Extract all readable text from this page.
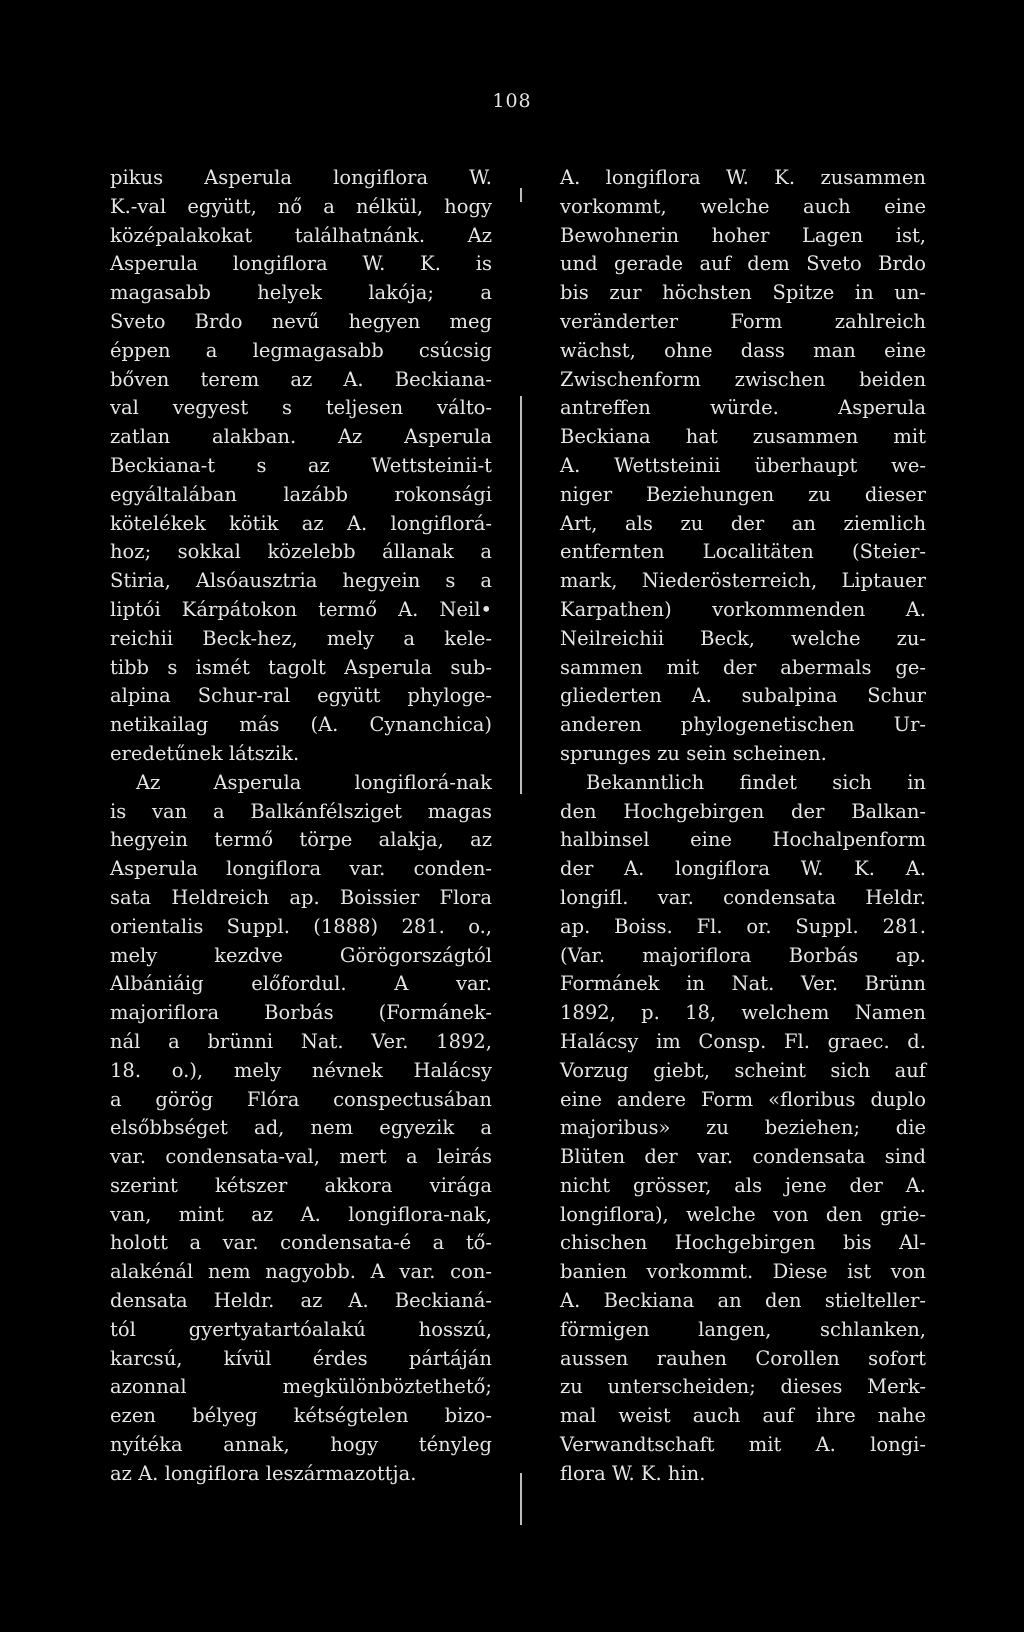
108
pikus Asperula longiflora W.
K.-val együtt, nő a nélkül, hogy
középalakokat találhatnánk. Az
Asperula longiflora W. K. is
magasabb helyek lakója; a
Sveto Brdo nevű hegyen meg
éppen a legmagasabb csúcsig
bőven terem az A. Beckiana-
val vegyest s teljesen válto-
zatlan alakban. Az Asperula
Beckiana-t s az Wettsteinii-t
egyáltalában lazább rokonsági
kötelékek kötik az A. longiflorá-
hoz; sokkal közelebb állanak a
Stiria, Alsóausztria hegyein s a
liptói Kárpátokon termő A. Neil•
reichii Beck-hez, mely a kele-
tibb s ismét tagolt Asperula sub-
alpina Schur-ral együtt phyloge-
netikailag más (A. Cynanchica)
eredetűnek látszik.
Az Asperula longiflorá-nak
is van a Balkánfélsziget magas
hegyein termő törpe alakja, az
Asperula longiflora var. conden-
sata Heldreich ap. Boissier Flora
orientalis Suppl. (1888) 281. o.,
mely kezdve Görögországtól
Albániáig előfordul. A var.
majoriflora Borbás (Formánek-
nál a brünni Nat. Ver. 1892,
18. o.), mely névnek Halácsy
a görög Flóra conspectusában
elsőbbséget ad, nem egyezik a
var. condensata-val, mert a leirás
szerint kétszer akkora virága
van, mint az A. longiflora-nak,
holott a var. condensata-é a tő-
alakénál nem nagyobb. A var. con-
densata Heldr. az A. Beckianá-
tól gyertyatartóalakú hosszú,
karcsú, kívül érdes pártáján
azonnal megkülönböztethető;
ezen bélyeg kétségtelen bizo-
nyítéka annak, hogy tényleg
az A. longiflora leszármazottja.
A. longiflora W. K. zusammen
vorkommt, welche auch eine
Bewohnerin hoher Lagen ist,
und gerade auf dem Sveto Brdo
bis zur höchsten Spitze in un-
veränderter Form zahlreich
wächst, ohne dass man eine
Zwischenform zwischen beiden
antreffen würde. Asperula
Beckiana hat zusammen mit
A. Wettsteinii überhaupt we-
niger Beziehungen zu dieser
Art, als zu der an ziemlich
entfernten Localitäten (Steier-
mark, Niederösterreich, Liptauer
Karpathen) vorkommenden A.
Neilreichii Beck, welche zu-
sammen mit der abermals ge-
gliederten A. subalpina Schur
anderen phylogenetischen Ur-
sprunges zu sein scheinen.
Bekanntlich findet sich in
den Hochgebirgen der Balkan-
halbinsel eine Hochalpenform
der A. longiflora W. K. A.
longifl. var. condensata Heldr.
ap. Boiss. Fl. or. Suppl. 281.
(Var. majoriflora Borbás ap.
Formánek in Nat. Ver. Brünn
1892, p. 18, welchem Namen
Halácsy im Consp. Fl. graec. d.
Vorzug giebt, scheint sich auf
eine andere Form «floribus duplo
majoribus» zu beziehen; die
Blüten der var. condensata sind
nicht grösser, als jene der A.
longiflora), welche von den grie-
chischen Hochgebirgen bis Al-
banien vorkommt. Diese ist von
A. Beckiana an den stielteller-
förmigen langen, schlanken,
aussen rauhen Corollen sofort
zu unterscheiden; dieses Merk-
mal weist auch auf ihre nahe
Verwandtschaft mit A. longi-
flora W. K. hin.
